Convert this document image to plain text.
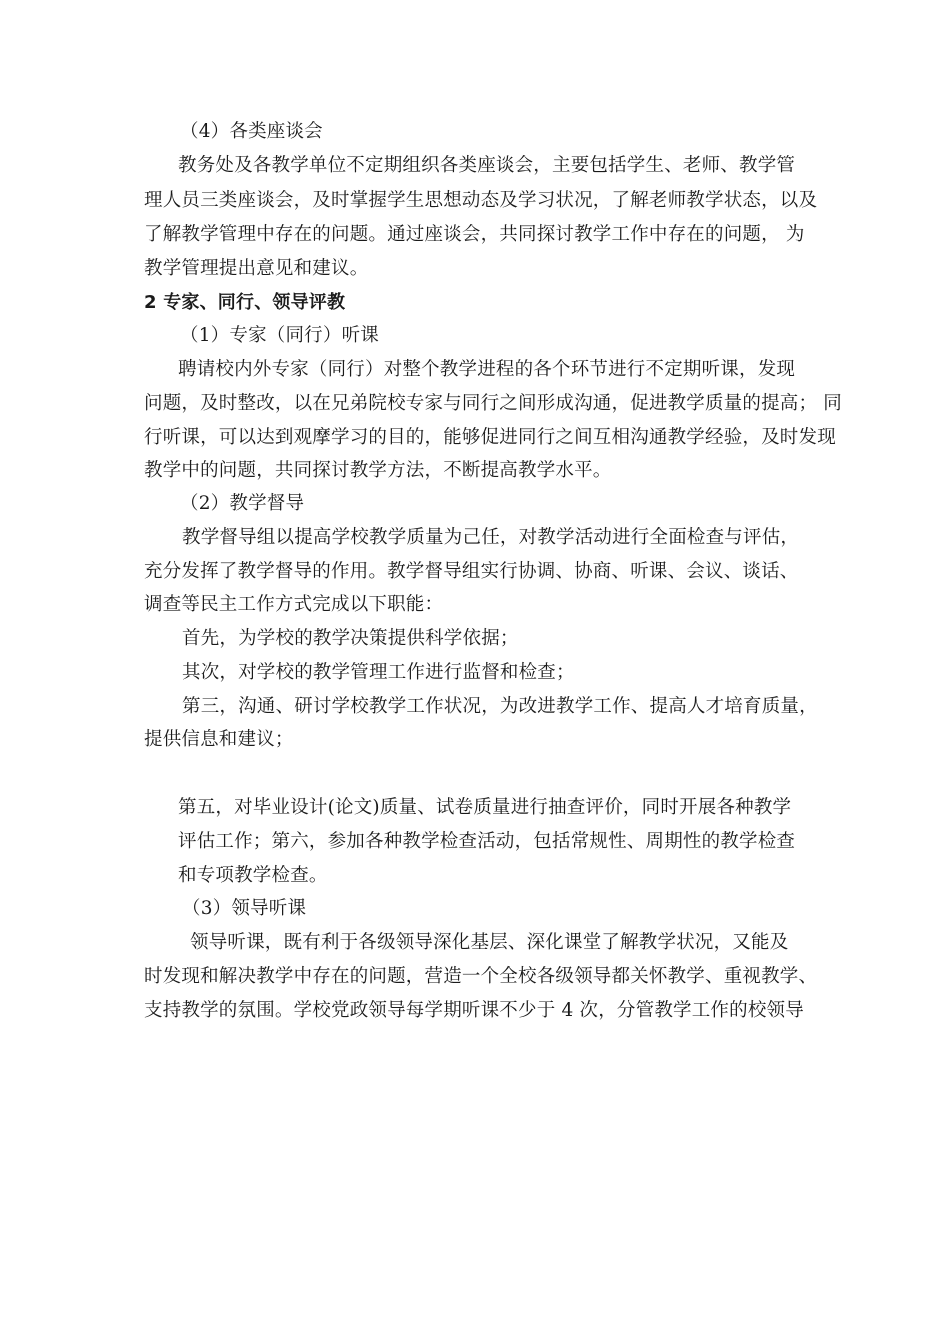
（4）各类座谈会
教务处及各教学单位不定期组织各类座谈会，主要包括学生、老师、教学管
理人员三类座谈会，及时掌握学生思想动态及学习状况，了解老师教学状态，以及
了解教学管理中存在的问题。通过座谈会，共同探讨教学工作中存在的问题， 为
教学管理提出意见和建议。
2 专家、同行、领导评教
（1）专家（同行）听课
聘请校内外专家（同行）对整个教学进程的各个环节进行不定期听课，发现
问题，及时整改，以在兄弟院校专家与同行之间形成沟通，促进教学质量的提高； 同
行听课，可以达到观摩学习的目的，能够促进同行之间互相沟通教学经验，及时发现
教学中的问题，共同探讨教学方法，不断提高教学水平。
（2）教学督导
教学督导组以提高学校教学质量为己任，对教学活动进行全面检查与评估，
充分发挥了教学督导的作用。教学督导组实行协调、协商、听课、会议、谈话、
调查等民主工作方式完成以下职能：
首先，为学校的教学决策提供科学依据；
其次，对学校的教学管理工作进行监督和检查；
第三，沟通、研讨学校教学工作状况，为改进教学工作、提高人才培育质量，
提供信息和建议；
第五，对毕业设计(论文)质量、试卷质量进行抽查评价，同时开展各种教学
评估工作；第六，参加各种教学检查活动，包括常规性、周期性的教学检查
和专项教学检查。
（3）领导听课
领导听课，既有利于各级领导深化基层、深化课堂了解教学状况，又能及
时发现和解决教学中存在的问题，营造一个全校各级领导都关怀教学、重视教学、
支持教学的氛围。学校党政领导每学期听课不少于 4 次，分管教学工作的校领导
